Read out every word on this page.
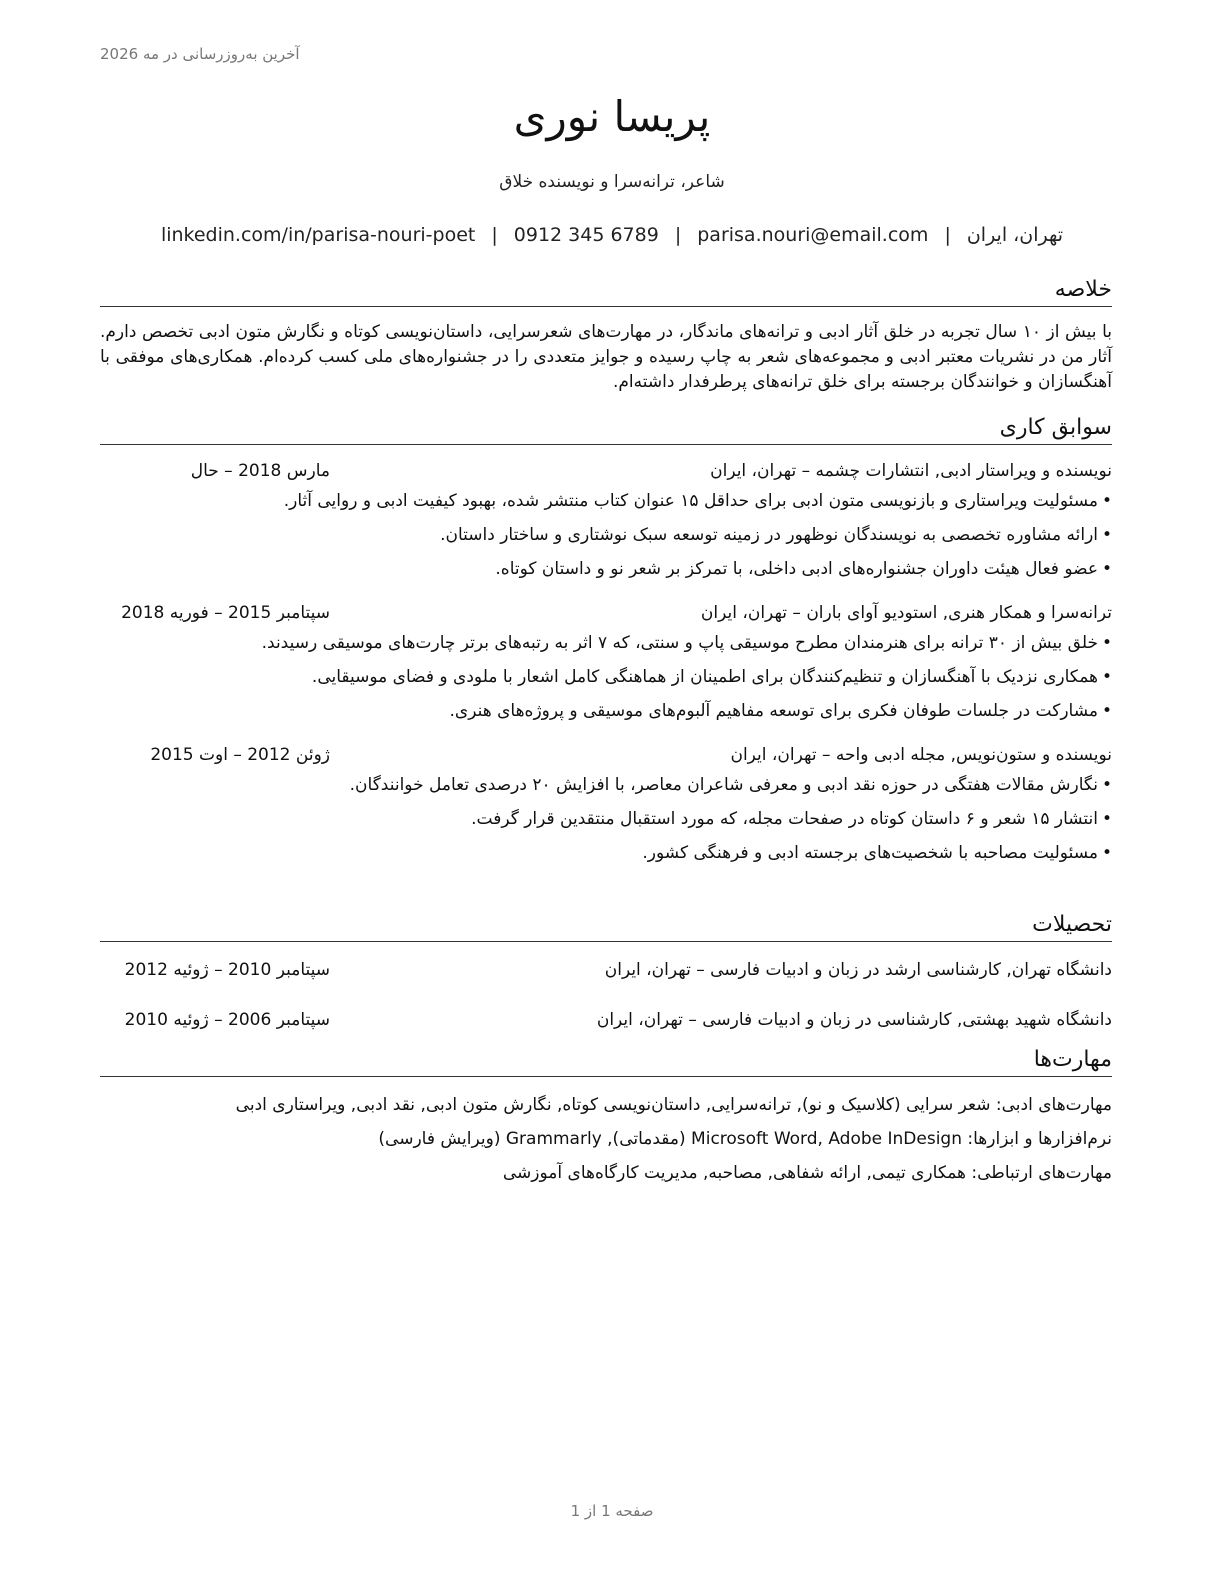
آخرین به‌روزرسانی در مه 2026
پریسا نوری
شاعر، ترانه‌سرا و نویسنده خلاق
تهران، ایران|parisa.nouri@email.com|0912 345 6789|linkedin.com/in/parisa-nouri-poet
خلاصه
با بیش از ۱۰ سال تجربه در خلق آثار ادبی و ترانه‌های ماندگار، در مهارت‌های شعرسرایی، داستان‌نویسی کوتاه و نگارش متون ادبی تخصص دارم. آثار من در نشریات معتبر ادبی و مجموعه‌های شعر به چاپ رسیده و جوایز متعددی را در جشنواره‌های ملی کسب کرده‌ام. همکاری‌های موفقی با آهنگسازان و خوانندگان برجسته برای خلق ترانه‌های پرطرفدار داشته‌ام.
سوابق کاری
نویسنده و ویراستار ادبی, انتشارات چشمه – تهران، ایران
مارس 2018 – حال
•
مسئولیت ویراستاری و بازنویسی متون ادبی برای حداقل ۱۵ عنوان کتاب منتشر شده، بهبود کیفیت ادبی و روایی آثار.
•
ارائه مشاوره تخصصی به نویسندگان نوظهور در زمینه توسعه سبک نوشتاری و ساختار داستان.
•
عضو فعال هیئت داوران جشنواره‌های ادبی داخلی، با تمرکز بر شعر نو و داستان کوتاه.
ترانه‌سرا و همکار هنری, استودیو آوای باران – تهران، ایران
سپتامبر 2015 – فوریه 2018
•
خلق بیش از ۳۰ ترانه برای هنرمندان مطرح موسیقی پاپ و سنتی، که ۷ اثر به رتبه‌های برتر چارت‌های موسیقی رسیدند.
•
همکاری نزدیک با آهنگسازان و تنظیم‌کنندگان برای اطمینان از هماهنگی کامل اشعار با ملودی و فضای موسیقایی.
•
مشارکت در جلسات طوفان فکری برای توسعه مفاهیم آلبوم‌های موسیقی و پروژه‌های هنری.
نویسنده و ستون‌نویس, مجله ادبی واحه – تهران، ایران
ژوئن 2012 – اوت 2015
•
نگارش مقالات هفتگی در حوزه نقد ادبی و معرفی شاعران معاصر، با افزایش ۲۰ درصدی تعامل خوانندگان.
•
انتشار ۱۵ شعر و ۶ داستان کوتاه در صفحات مجله، که مورد استقبال منتقدین قرار گرفت.
•
مسئولیت مصاحبه با شخصیت‌های برجسته ادبی و فرهنگی کشور.
تحصیلات
دانشگاه تهران, کارشناسی ارشد در زبان و ادبیات فارسی – تهران، ایران
سپتامبر 2010 – ژوئیه 2012
دانشگاه شهید بهشتی, کارشناسی در زبان و ادبیات فارسی – تهران، ایران
سپتامبر 2006 – ژوئیه 2010
مهارت‌ها
مهارت‌های ادبی: شعر سرایی (کلاسیک و نو), ترانه‌سرایی, داستان‌نویسی کوتاه, نگارش متون ادبی, نقد ادبی, ویراستاری ادبی
نرم‌افزارها و ابزارها: Microsoft Word, Adobe InDesign (مقدماتی), Grammarly (ویرایش فارسی)
مهارت‌های ارتباطی: همکاری تیمی, ارائه شفاهی, مصاحبه, مدیریت کارگاه‌های آموزشی
صفحه 1 از 1
